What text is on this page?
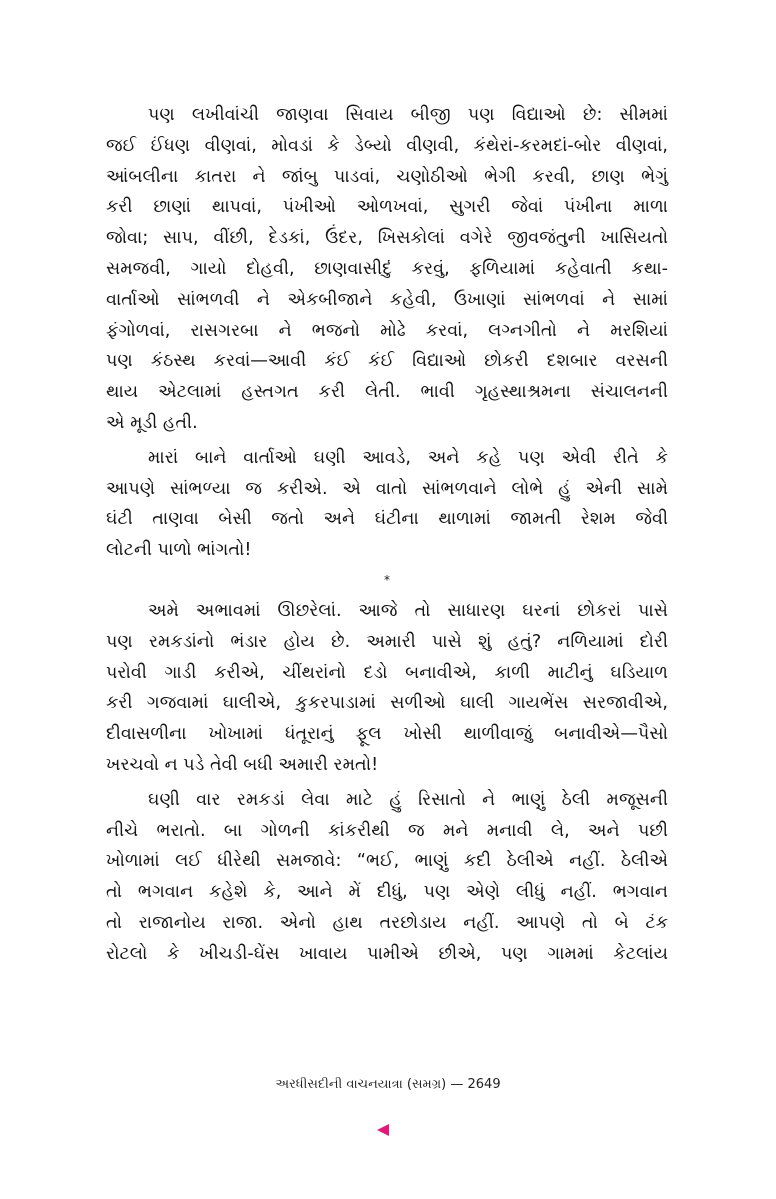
પણ લખીવાંચી જાણવા સિવાય બીજી પણ વિદ્યાઓ છે: સીમમાં
જઈ ઈંધણ વીણવાં, મોવડાં કે ડેબ્યો વીણવી, કંથેરાં-કરમદાં-બોર વીણવાં,
આંબલીના કાતરા ને જાંબુ પાડવાં, ચણોઠીઓ ભેગી કરવી, છાણ ભેગું
કરી છાણાં થાપવાં, પંખીઓ ઓળખવાં, સુગરી જેવાં પંખીના માળા
જોવા; સાપ, વીંછી, દેડકાં, ઉંદર, ખિસકોલાં વગેરે જીવજંતુની ખાસિયતો
સમજવી, ગાયો દોહવી, છાણવાસીદું કરવું, ફળિયામાં કહેવાતી કથા-
વાર્તાઓ સાંભળવી ને એકબીજાને કહેવી, ઉખાણાં સાંભળવાં ને સામાં
ફંગોળવાં, રાસગરબા ને ભજનો મોઢે કરવાં, લગ્નગીતો ને મરશિયાં
પણ કંઠસ્થ કરવાં—આવી કંઈ કંઈ વિદ્યાઓ છોકરી દશબાર વરસની
થાય એટલામાં હસ્તગત કરી લેતી. ભાવી ગૃહસ્થાશ્રમના સંચાલનની
એ મૂડી હતી.

મારાં બાને વાર્તાઓ ઘણી આવડે, અને કહે પણ એવી રીતે કે
આપણે સાંભળ્યા જ કરીએ. એ વાતો સાંભળવાને લોભે હું એની સામે
ઘંટી તાણવા બેસી જતો અને ઘંટીના થાળામાં જામતી રેશમ જેવી
લોટની પાળો ભાંગતો!

*

અમે અભાવમાં ઊછરેલાં. આજે તો સાધારણ ઘરનાં છોકરાં પાસે
પણ રમકડાંનો ભંડાર હોય છે. અમારી પાસે શું હતું? નળિયામાં દોરી
પરોવી ગાડી કરીએ, ચીંથરાંનો દડો બનાવીએ, કાળી માટીનું ઘડિયાળ
કરી ગજવામાં ઘાલીએ, કુકરપાડામાં સળીઓ ઘાલી ગાયભેંસ સરજાવીએ,
દીવાસળીના ખોખામાં ધંતૂરાનું ફૂલ ખોસી થાળીવાજું બનાવીએ—પૈસો
ખરચવો ન પડે તેવી બધી અમારી રમતો!

ઘણી વાર રમકડાં લેવા માટે હું રિસાતો ને ભાણું ઠેલી મજૂસની
નીચે ભરાતો. બા ગોળની કાંકરીથી જ મને મનાવી લે, અને પછી
ખોળામાં લઈ ધીરેથી સમજાવે: “ભઈ, ભાણું કદી ઠેલીએ નહીં. ઠેલીએ
તો ભગવાન કહેશે કે, આને મેં દીધું, પણ એણે લીધું નહીં. ભગવાન
તો રાજાનોય રાજા. એનો હાથ તરછોડાય નહીં. આપણે તો બે ટંક
રોટલો કે ખીચડી-ઘેંસ ખાવાય પામીએ છીએ, પણ ગામમાં કેટલાંય

અરધીસદીની વાચનયાત્રા (સમગ્ર) — 2649
